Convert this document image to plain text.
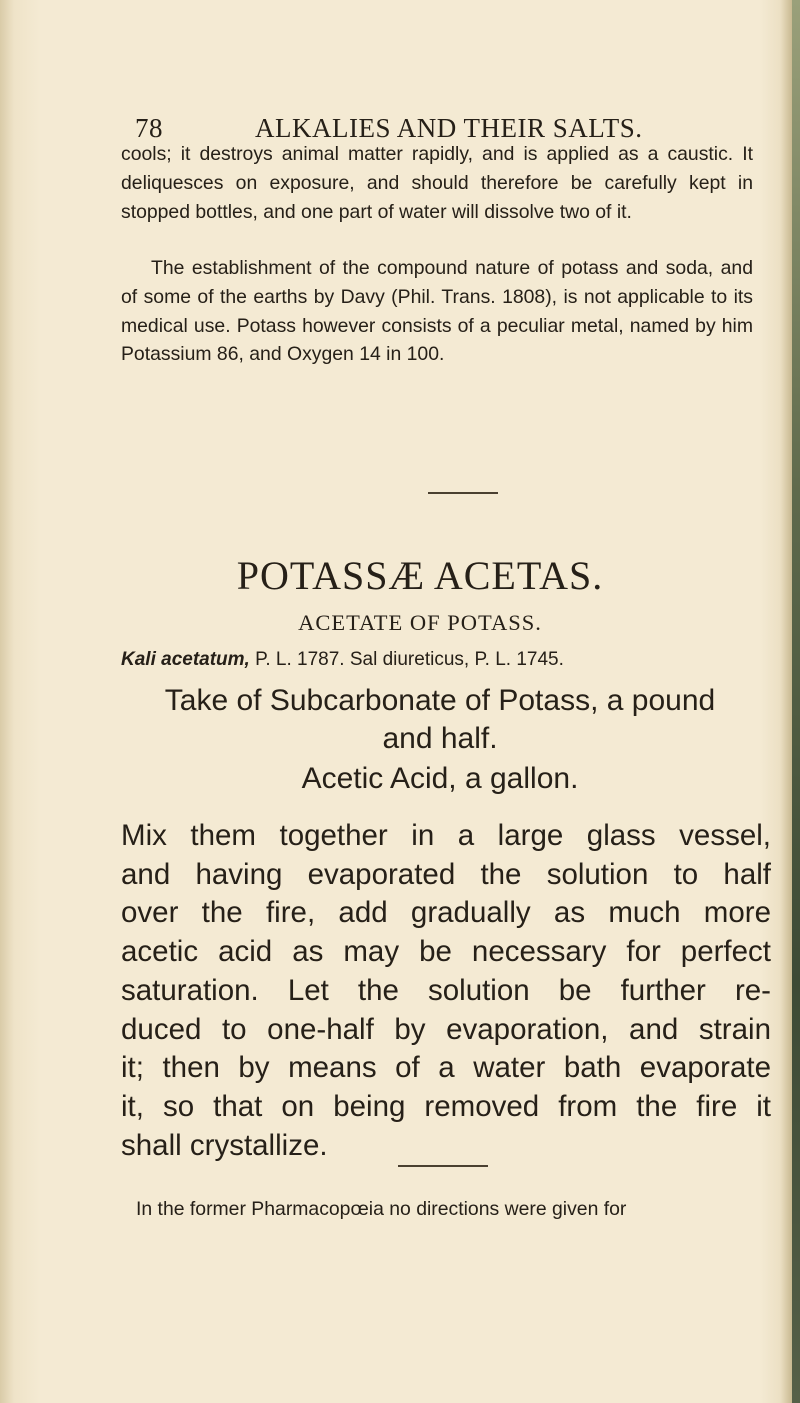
78	ALKALIES AND THEIR SALTS.
cools; it destroys animal matter rapidly, and is applied as a caustic. It deliquesces on exposure, and should therefore be carefully kept in stopped bottles, and one part of water will dissolve two of it.
The establishment of the compound nature of potass and soda, and of some of the earths by Davy (Phil. Trans. 1808), is not applicable to its medical use. Potass however consists of a peculiar metal, named by him Potassium 86, and Oxygen 14 in 100.
POTASSÆ ACETAS.
ACETATE OF POTASS.
Kali acetatum, P. L. 1787. Sal diureticus, P. L. 1745.
Take of Subcarbonate of Potass, a pound
and half.
Acetic Acid, a gallon.
Mix them together in a large glass vessel,
and having evaporated the solution to half
over the fire, add gradually as much more
acetic acid as may be necessary for perfect
saturation. Let the solution be further re-
duced to one-half by evaporation, and strain
it; then by means of a water bath evaporate
it, so that on being removed from the fire it
shall crystallize.
In the former Pharmacopœia no directions were given for
